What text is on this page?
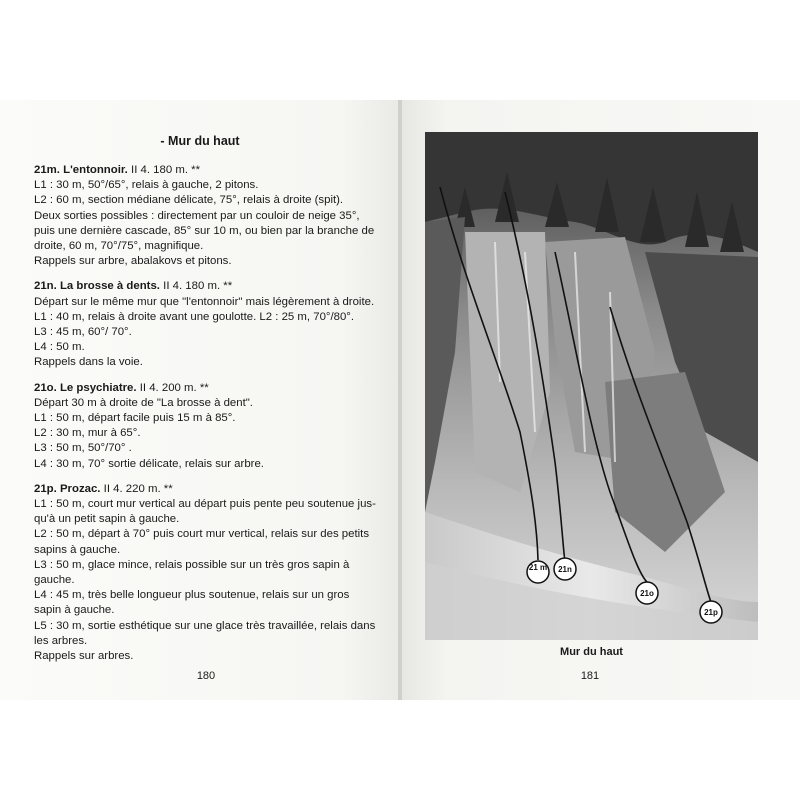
- Mur du haut
21m. L'entonnoir. II 4. 180 m. **
L1 : 30 m, 50°/65°, relais à gauche, 2 pitons.
L2 : 60 m, section médiane délicate, 75°, relais à droite (spit).
Deux sorties possibles : directement par un couloir de neige 35°,
puis une dernière cascade, 85° sur 10 m, ou bien par la branche de
droite, 60 m, 70°/75°, magnifique.
Rappels sur arbre, abalakovs et pitons.
21n. La brosse à dents. II 4. 180 m. **
Départ sur le même mur que "l'entonnoir" mais légèrement à droite.
L1 : 40 m, relais à droite avant une goulotte. L2 : 25 m, 70°/80°.
L3 : 45 m, 60°/ 70°.
L4 : 50 m.
Rappels dans la voie.
21o. Le psychiatre. II 4. 200 m. **
Départ 30 m à droite de "La brosse à dent".
L1 : 50 m, départ facile puis 15 m à 85°.
L2 : 30 m, mur à 65°.
L3 : 50 m, 50°/70° .
L4 : 30 m, 70° sortie délicate, relais sur arbre.
21p. Prozac. II 4. 220 m. **
L1 : 50 m, court mur vertical au départ puis pente peu soutenue jus-
qu'à un petit sapin à gauche.
L2 : 50 m, départ à 70° puis court mur vertical, relais sur des petits
sapins à gauche.
L3 : 50 m, glace mince, relais possible sur un très gros sapin à
gauche.
L4 : 45 m, très belle longueur plus soutenue, relais sur un gros
sapin à gauche.
L5 : 30 m, sortie esthétique sur une glace très travaillée, relais dans
les arbres.
Rappels sur arbres.
180
21 m 21n
21o
21p
Mur du haut
181
